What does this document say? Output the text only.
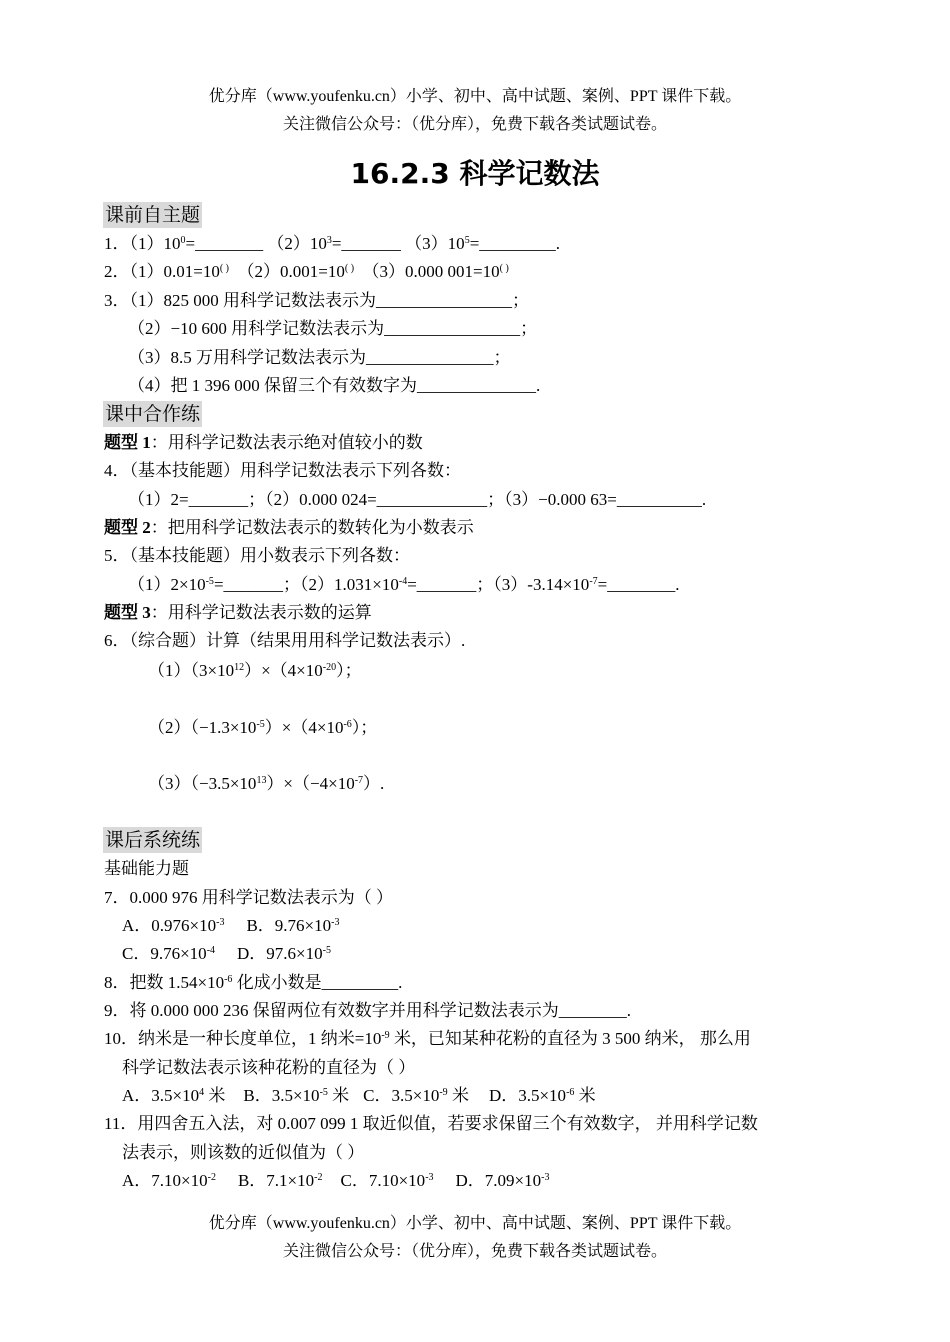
优分库（www.youfenku.cn）小学、初中、高中试题、案例、PPT 课件下载。
关注微信公众号：（优分库），免费下载各类试题试卷。
16.2.3 科学记数法
课前自主题
1．$(1)10^0=\_\_\_\_\_\_\_\_$ $(2)10^3=\_\_\_\_\_\_\_$ $(3)10^5=\_\_\_\_\_\_\_\_\_$.
2．（1）0.01=10( )  （2）0.001=10( )  （3）0.000 001=10( )
3．（1）825 000 用科学记数法表示为________________；
（2）−10 600 用科学记数法表示为________________；
（3）8.5 万用科学记数法表示为_______________；
（4）把 1 396 000 保留三个有效数字为______________.
课中合作练
题型 1：用科学记数法表示绝对值较小的数
4．（基本技能题）用科学记数法表示下列各数：
（1）2=_______；（2）0.000 024=_____________；（3）−0.000 63=__________.
题型 2：把用科学记数法表示的数转化为小数表示
5．（基本技能题）用小数表示下列各数：
$(1)2\times 10^{-5}=\_\_\_\_\_\_\_$；$(2)1.031\times 10^{-4}=\_\_\_\_\_\_\_$；$(3)-3.14\times 10^{-7}=\_\_\_\_\_\_\_\_$.
题型 3：用科学记数法表示数的运算
6．（综合题）计算（结果用用科学记数法表示）.
$(1)(3\times 10^{12})\times(4\times 10^{-20})$；
$(2)(-1.3\times 10^{-5})\times(4\times 10^{-6})$；
$(3)(-3.5\times 10^{13})\times(-4\times 10^{-7})$.
课后系统练
基础能力题
7．0.000 976 用科学记数法表示为（ ）
A．$0.976\times 10^{-3}$ B．$9.76\times 10^{-3}$
C．$9.76\times 10^{-4}$ D．$97.6\times 10^{-5}$
8．把数 $1.54\times 10^{-6}$ 化成小数是_________.
9．将 0.000 000 236 保留两位有效数字并用科学记数法表示为________.
10．纳米是一种长度单位，1 纳米$=10^{-9}$ 米，已知某种花粉的直径为 3 500 纳米， 那么用
科学记数法表示该种花粉的直径为（ ）
A．$3.5\times 10^4$ 米 B．$3.5\times 10^{-5}$ 米 C．$3.5\times 10^{-9}$ 米 D．$3.5\times 10^{-6}$ 米
11．用四舍五入法，对 0.007 099 1 取近似值，若要求保留三个有效数字， 并用科学记数
法表示，则该数的近似值为（ ）
A．$7.10\times 10^{-2}$ B．$7.1\times 10^{-2}$ C．$7.10\times 10^{-3}$ D．$7.09\times 10^{-3}$
优分库（www.youfenku.cn）小学、初中、高中试题、案例、PPT 课件下载。
关注微信公众号：（优分库），免费下载各类试题试卷。
